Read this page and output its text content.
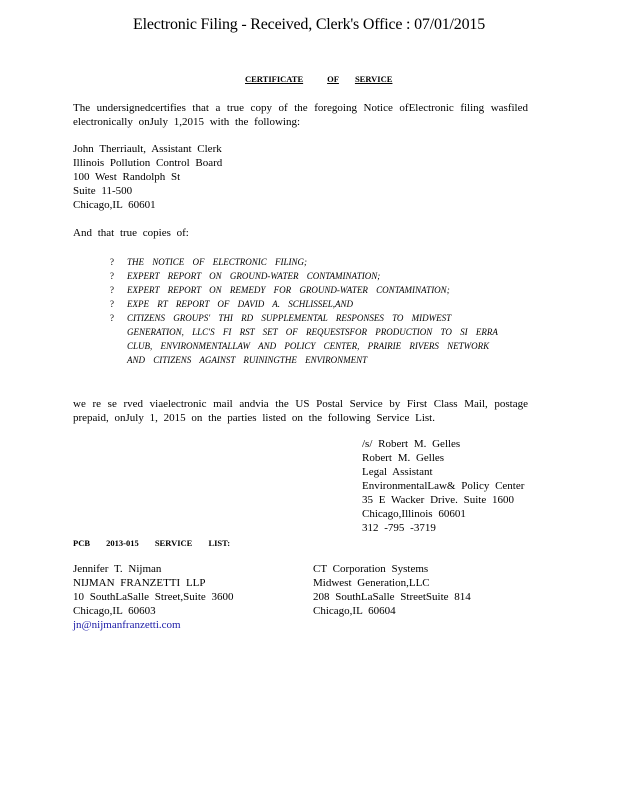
Electronic Filing - Received, Clerk's Office : 07/01/2015
CERTIFICATE	OF SERVICE
The undersignedcertifies that a true copy of the foregoing Notice ofElectronic filing wasfiled electronically onJuly 1,2015 with the following:
John Therriault, Assistant Clerk
Illinois Pollution Control Board
100 West Randolph St
Suite 11-500
Chicago,IL 60601
And that true copies of:
?	THE NOTICE OF ELECTRONIC FILING;
?	EXPERT REPORT ON GROUND-WATER CONTAMINATION;
?	EXPERT REPORT ON REMEDY FOR GROUND-WATER CONTAMINATION;
?	EXPE RT REPORT OF DAVID A. SCHLISSEL,AND
?	CITIZENS GROUPS' THI RD SUPPLEMENTAL RESPONSES TO MIDWEST GENERATION, LLC'S FI RST SET OF REQUESTSFOR PRODUCTION TO SI ERRA CLUB, ENVIRONMENTALLAW AND POLICY CENTER, PRAIRIE RIVERS NETWORK AND CITIZENS AGAINST RUININGTHE ENVIRONMENT
we re se rved viaelectronic mail andvia the US Postal Service by First Class Mail, postage prepaid, onJuly 1, 2015 on the parties listed on the following Service List.
/s/ Robert M. Gelles
Robert M. Gelles
Legal Assistant
EnvironmentalLaw& Policy Center
35 E Wacker Drive. Suite 1600
Chicago,Illinois 60601
312 -795 -3719
PCB 2013-015 SERVICE LIST:
Jennifer T. Nijman
NIJMAN FRANZETTI LLP
10 SouthLaSalle Street,Suite 3600
Chicago,IL 60603
jn@nijmanfranzetti.com
CT Corporation Systems
Midwest Generation,LLC
208 SouthLaSalle StreetSuite 814
Chicago,IL 60604
